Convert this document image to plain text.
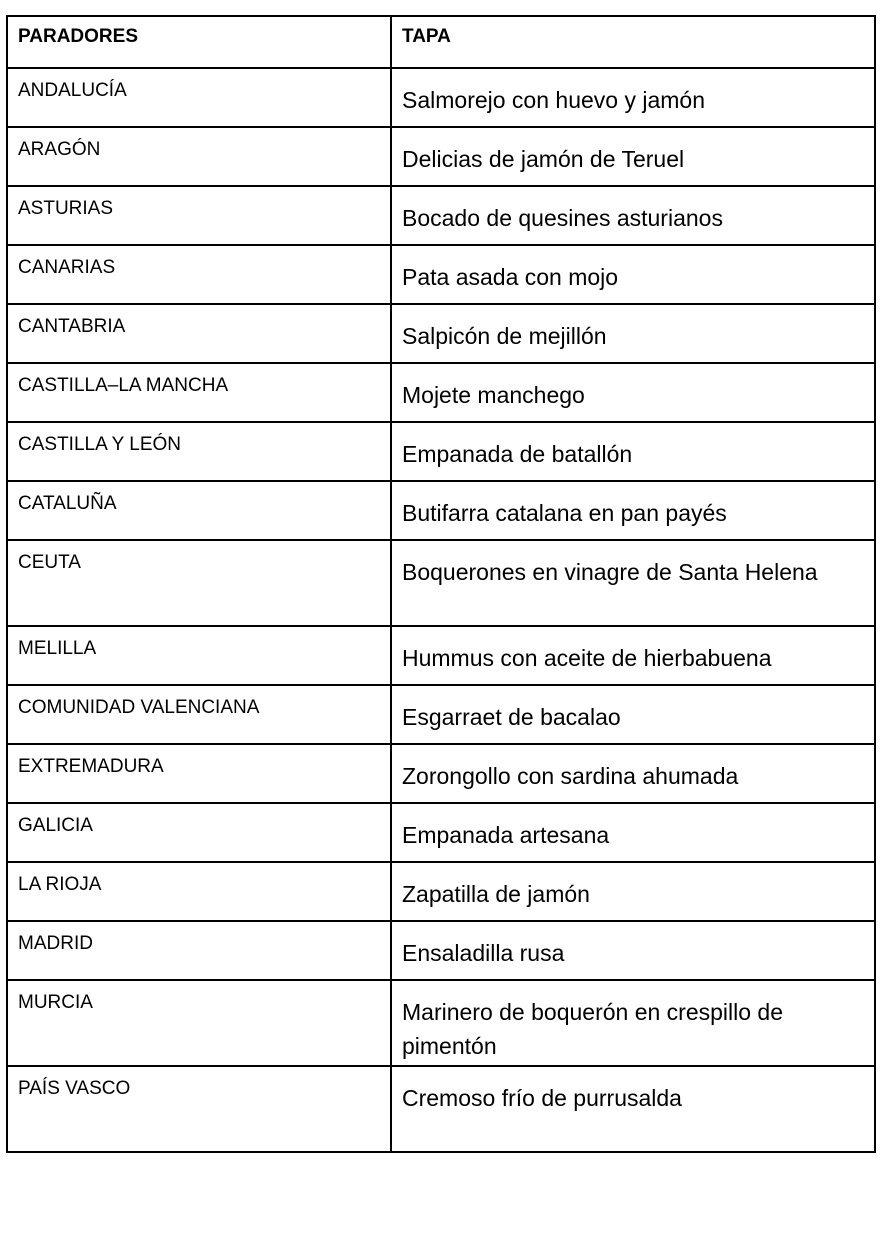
PARADORES	TAPA
ANDALUCÍA	Salmorejo con huevo y jamón
ARAGÓN	Delicias de jamón de Teruel
ASTURIAS	Bocado de quesines asturianos
CANARIAS	Pata asada con mojo
CANTABRIA	Salpicón de mejillón
CASTILLA–LA MANCHA	Mojete manchego
CASTILLA Y LEÓN	Empanada de batallón
CATALUÑA	Butifarra catalana en pan payés
CEUTA	Boquerones en vinagre de Santa Helena
MELILLA	Hummus con aceite de hierbabuena
COMUNIDAD VALENCIANA	Esgarraet de bacalao
EXTREMADURA	Zorongollo con sardina ahumada
GALICIA	Empanada artesana
LA RIOJA	Zapatilla de jamón
MADRID	Ensaladilla rusa
MURCIA	Marinero de boquerón en crespillo de pimentón
PAÍS VASCO	Cremoso frío de purrusalda
